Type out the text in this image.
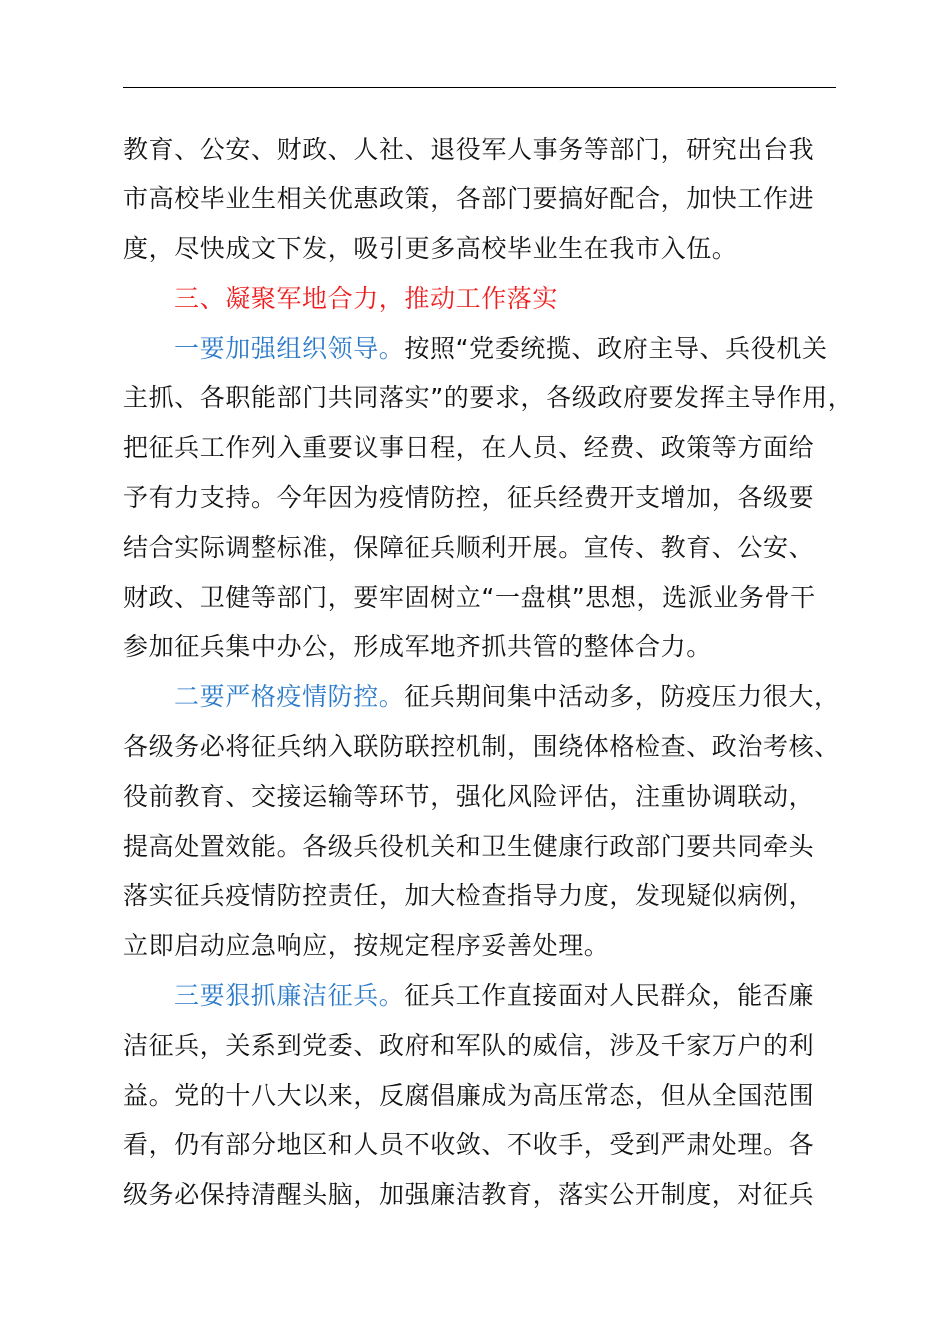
教育、公安、财政、人社、退役军人事务等部门，研究出台我
市高校毕业生相关优惠政策，各部门要搞好配合，加快工作进
度，尽快成文下发，吸引更多高校毕业生在我市入伍。
三、凝聚军地合力，推动工作落实
一要加强组织领导。按照“党委统揽、政府主导、兵役机关
主抓、各职能部门共同落实”的要求，各级政府要发挥主导作用，
把征兵工作列入重要议事日程，在人员、经费、政策等方面给
予有力支持。今年因为疫情防控，征兵经费开支增加，各级要
结合实际调整标准，保障征兵顺利开展。宣传、教育、公安、
财政、卫健等部门，要牢固树立“一盘棋”思想，选派业务骨干
参加征兵集中办公，形成军地齐抓共管的整体合力。
二要严格疫情防控。征兵期间集中活动多，防疫压力很大，
各级务必将征兵纳入联防联控机制，围绕体格检查、政治考核、
役前教育、交接运输等环节，强化风险评估，注重协调联动，
提高处置效能。各级兵役机关和卫生健康行政部门要共同牵头
落实征兵疫情防控责任，加大检查指导力度，发现疑似病例，
立即启动应急响应，按规定程序妥善处理。
三要狠抓廉洁征兵。征兵工作直接面对人民群众，能否廉
洁征兵，关系到党委、政府和军队的威信，涉及千家万户的利
益。党的十八大以来，反腐倡廉成为高压常态，但从全国范围
看，仍有部分地区和人员不收敛、不收手，受到严肃处理。各
级务必保持清醒头脑，加强廉洁教育，落实公开制度，对征兵
